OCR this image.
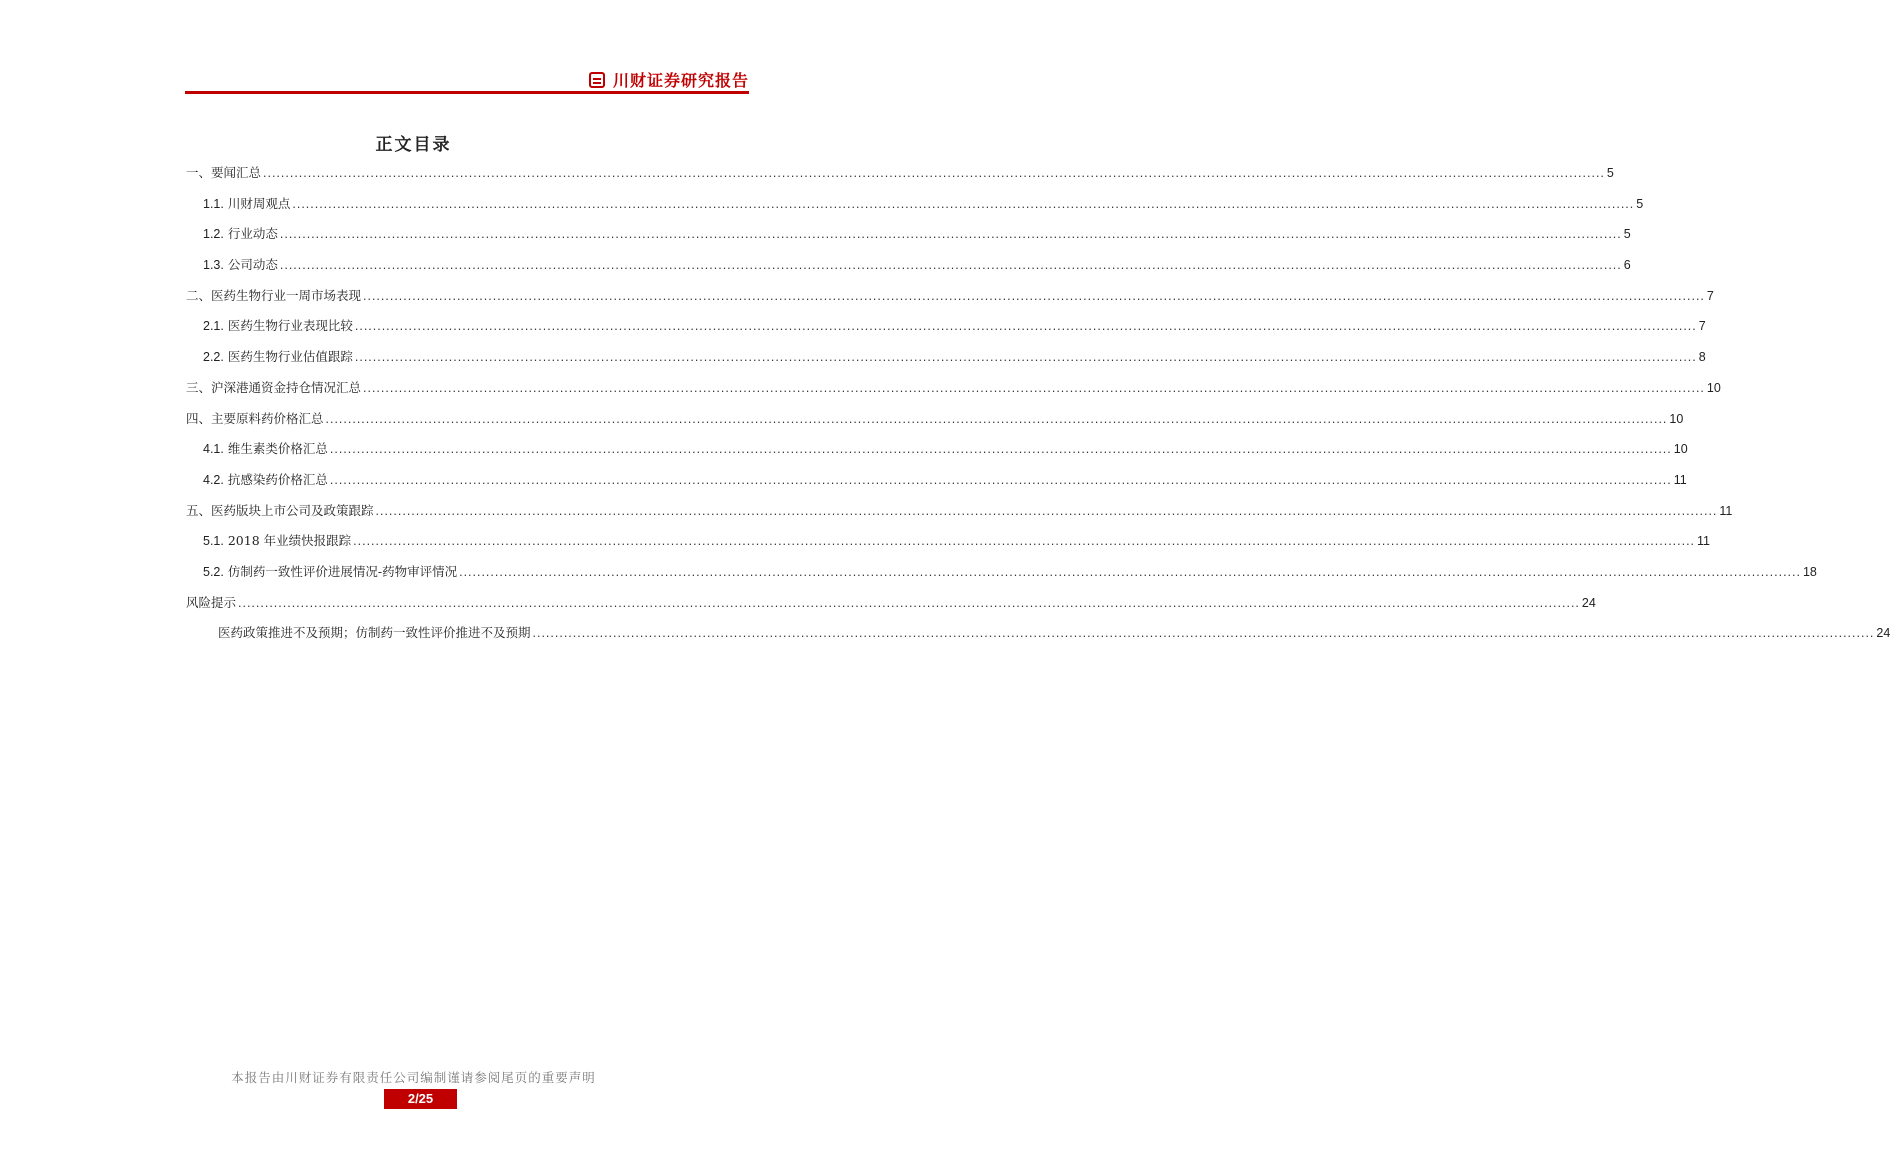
川财证券研究报告
正文目录
一、要闻汇总 ............................................................................................................................................................................................................................................................................................................ 5
1.1. 川财周观点 ............................................................................................................................................................................................................................................................................................................ 5
1.2. 行业动态 ............................................................................................................................................................................................................................................................................................................ 5
1.3. 公司动态 ............................................................................................................................................................................................................................................................................................................ 6
二、医药生物行业一周市场表现 ............................................................................................................................................................................................................................................................................................................ 7
2.1. 医药生物行业表现比较 ............................................................................................................................................................................................................................................................................................................ 7
2.2. 医药生物行业估值跟踪 ............................................................................................................................................................................................................................................................................................................ 8
三、沪深港通资金持仓情况汇总 ............................................................................................................................................................................................................................................................................................................ 10
四、主要原料药价格汇总 ............................................................................................................................................................................................................................................................................................................ 10
4.1. 维生素类价格汇总 ............................................................................................................................................................................................................................................................................................................ 10
4.2. 抗感染药价格汇总 ............................................................................................................................................................................................................................................................................................................ 11
五、医药版块上市公司及政策跟踪 ............................................................................................................................................................................................................................................................................................................ 11
5.1. 2018 年业绩快报跟踪 ............................................................................................................................................................................................................................................................................................................ 11
5.2. 仿制药一致性评价进展情况-药物审评情况 ............................................................................................................................................................................................................................................................................................................ 18
风险提示 ............................................................................................................................................................................................................................................................................................................ 24
医药政策推进不及预期；仿制药一致性评价推进不及预期 ............................................................................................................................................................................................................................................................................................................ 24
本报告由川财证券有限责任公司编制谨请参阅尾页的重要声明
2/25
